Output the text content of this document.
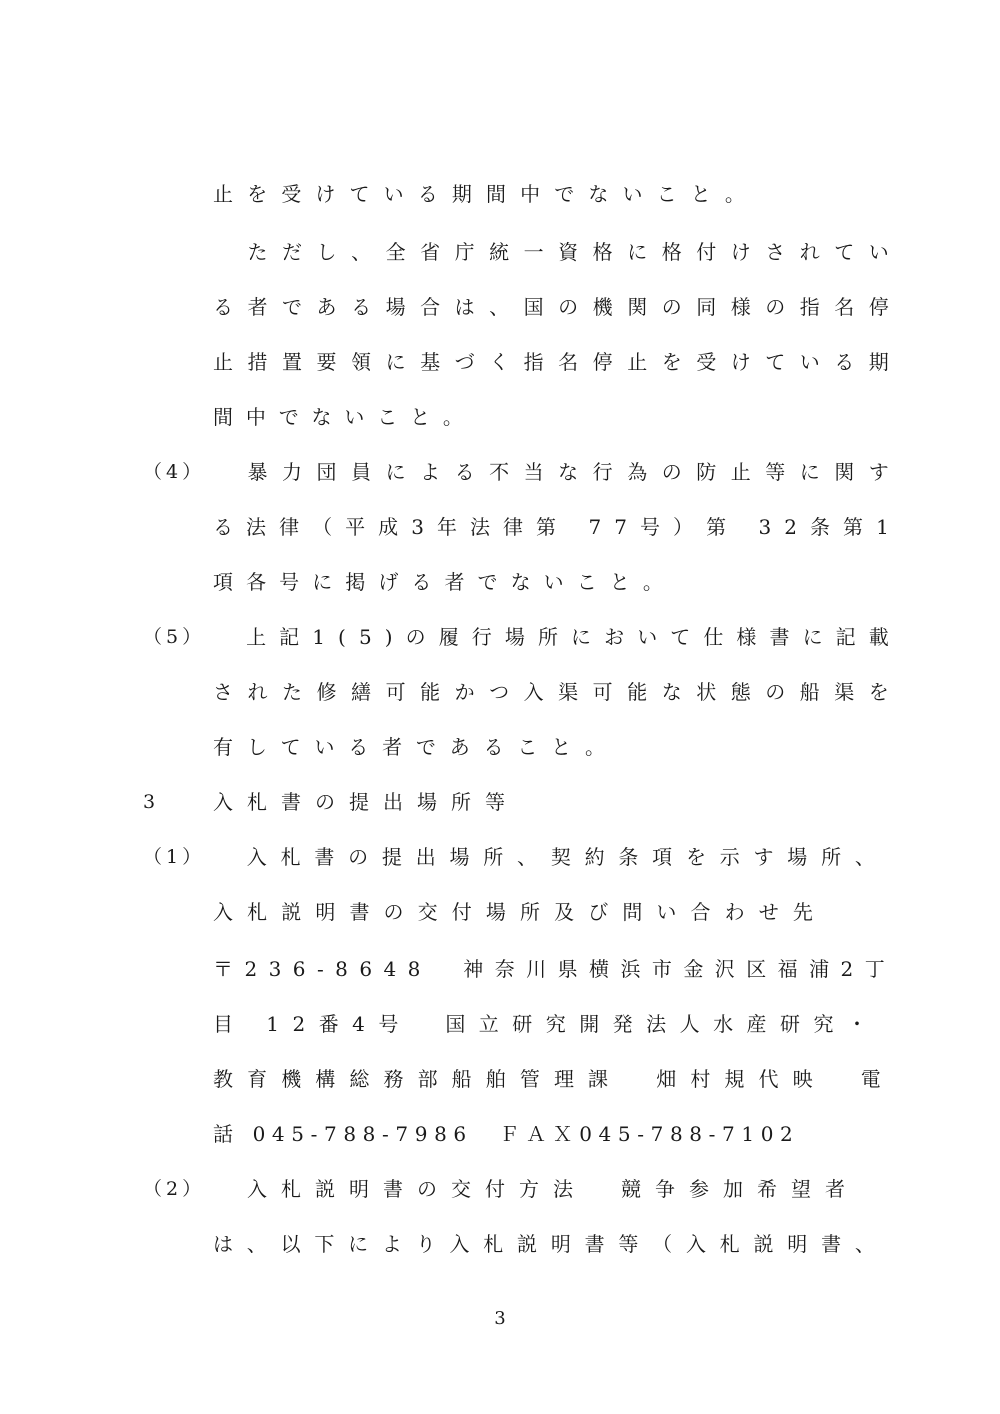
止 を 受 け て い る 期 間 中 で な い こ と 。

た だ し 、 全 省 庁 統 一 資 格 に 格 付 け さ れ て い
る 者 で あ る 場 合 は 、 国 の 機 関 の 同 様 の 指 名 停
止 措 置 要 領 に 基 づ く 指 名 停 止 を 受 け て い る 期
間 中 で な い こ と 。
（4）
　 暴 力 団 員 に よ る 不 当 な 行 為 の 防 止 等 に 関 す
る 法 律 （ 平 成 3 年 法 律 第
7 7 号 ） 第
3 2 条 第 1
項 各 号 に 掲 げ る 者 で な い こ と 。
（5）
　 上 記 1 ( 5 ) の 履 行 場 所 に お い て 仕 様 書 に 記 載
さ れ た 修 繕 可 能 か つ 入 渠 可 能 な 状 態 の 船 渠 を
有 し て い る 者 で あ る こ と 。
3	入 札 書 の 提 出 場 所 等
（1）
　 入 札 書 の 提 出 場 所 、 契 約 条 項 を 示 す 場 所 、
入 札 説 明 書 の 交 付 場 所 及 び 問 い 合 わ せ 先
〒 2 3 6 - 8 6 4 8
　 神 奈 川 県 横 浜 市 金 沢 区 福 浦 2 丁
目
1 2 番 4 号
　 国 立 研 究 開 発 法 人 水 産 研 究 ・
教 育 機 構 総 務 部 船 舶 管 理 課
　 畑 村 規 代 映
　 電
話
0 4 5 - 7 8 8 - 7 9 8 6
　 Ｆ Ａ Ｘ 0 4 5 - 7 8 8 - 7 1 0 2
（2）
　 入 札 説 明 書 の 交 付 方 法
　 競 争 参 加 希 望 者
は 、 以 下 に よ り 入 札 説 明 書 等 （ 入 札 説 明 書 、
3
